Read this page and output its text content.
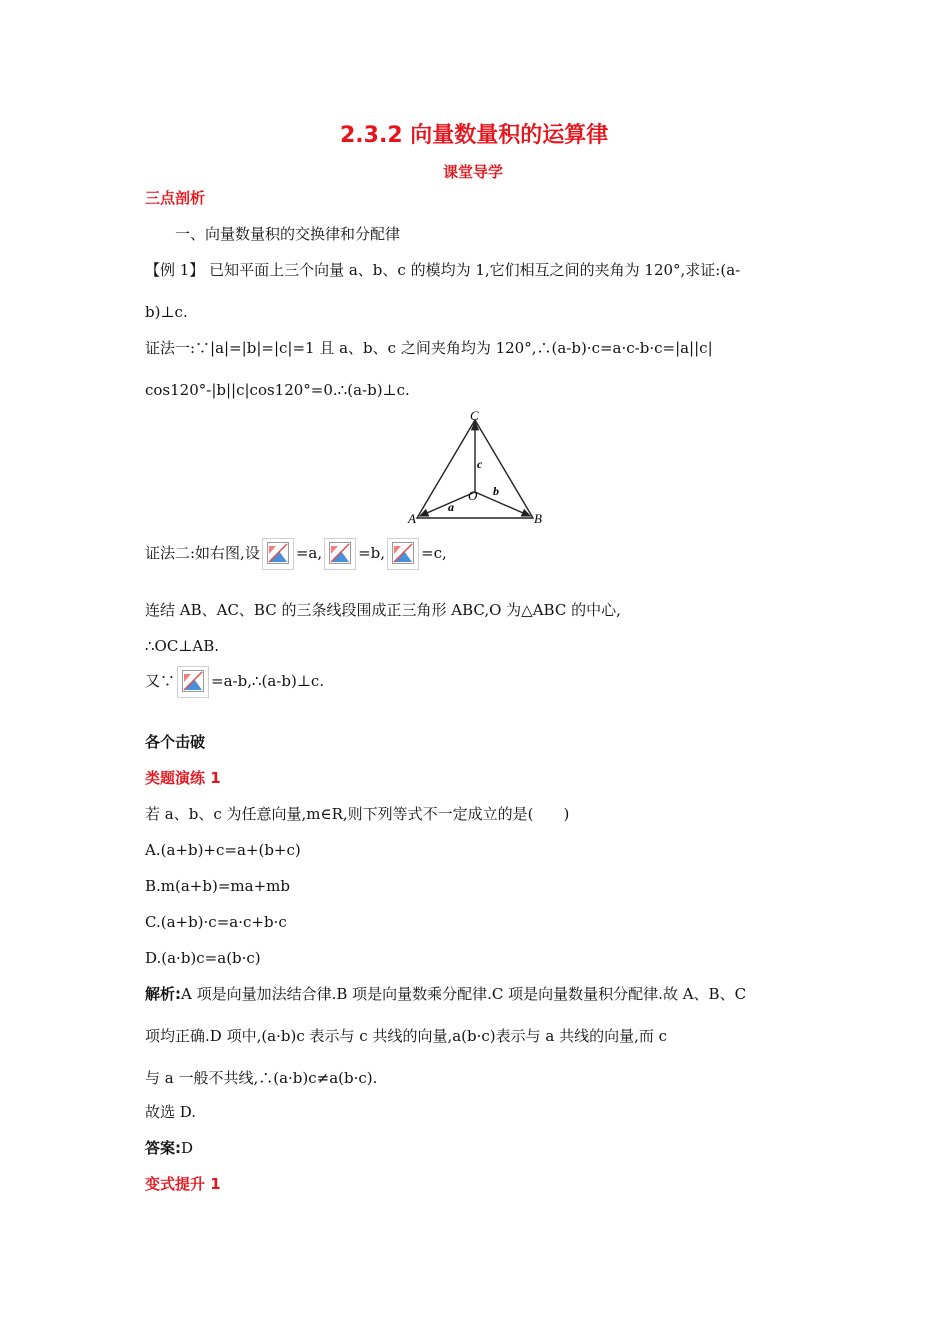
2.3.2 向量数量积的运算律
课堂导学
三点剖析
一、向量数量积的交换律和分配律
【例 1】 已知平面上三个向量 a、b、c 的模均为 1,它们相互之间的夹角为 120°,求证:(a-
b)⊥c.
证法一:∵|a|=|b|=|c|=1 且 a、b、c 之间夹角均为 120°,∴(a-b)·c=a·c-b·c=|a||c|
cos120°-|b||c|cos120°=0.∴(a-b)⊥c.
C
O
A	B
a
b
c
证法二:如右图,设 =a, =b, =c,
连结 AB、AC、BC 的三条线段围成正三角形 ABC,O 为△ABC 的中心,
∴OC⊥AB.
又∵ =a-b,∴(a-b)⊥c.
各个击破
类题演练 1
若 a、b、c 为任意向量,m∈R,则下列等式不一定成立的是(　　)
A.(a+b)+c=a+(b+c)
B.m(a+b)=ma+mb
C.(a+b)·c=a·c+b·c
D.(a·b)c=a(b·c)
解析:A 项是向量加法结合律.B 项是向量数乘分配律.C 项是向量数量积分配律.故 A、B、C
项均正确.D 项中,(a·b)c 表示与 c 共线的向量,a(b·c)表示与 a 共线的向量,而 c
与 a 一般不共线,∴(a·b)c≠a(b·c).
故选 D.
答案:D
变式提升 1
